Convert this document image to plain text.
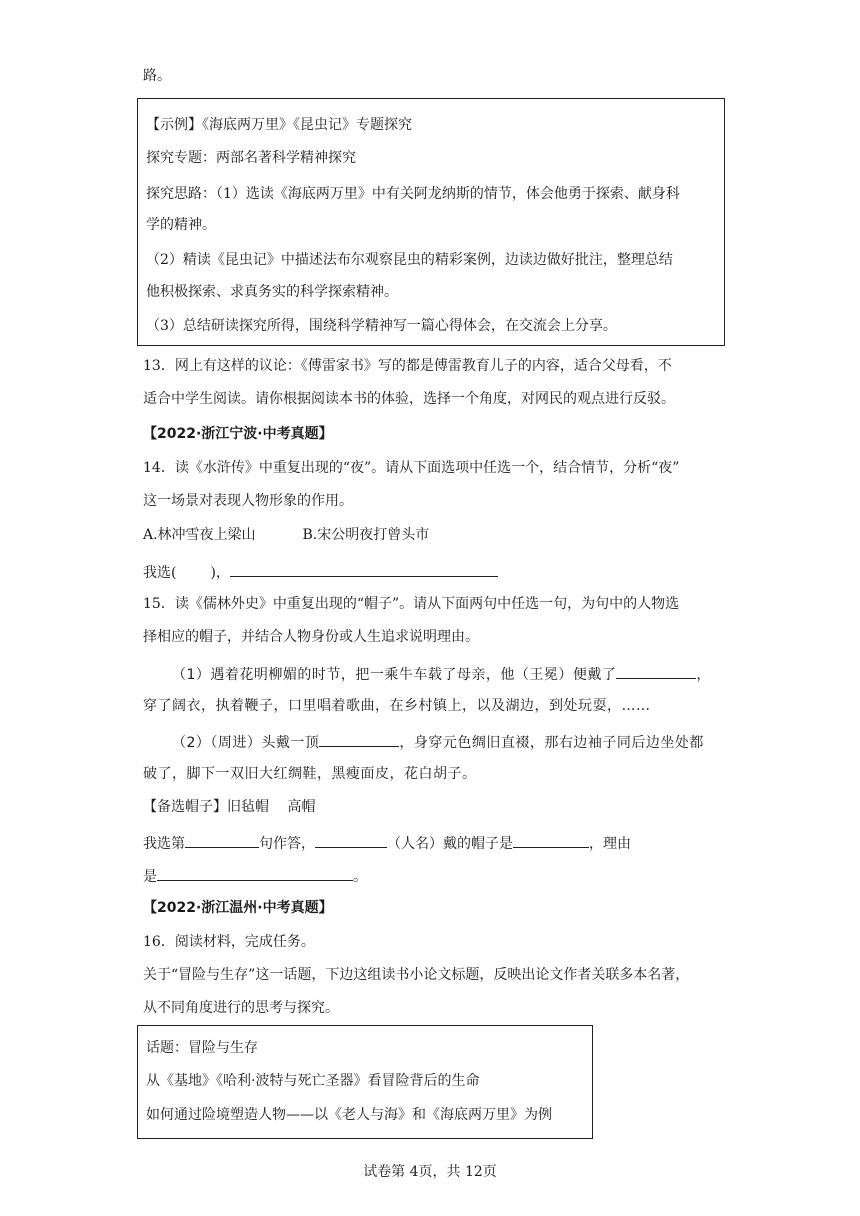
路。
【示例】《海底两万里》《昆虫记》专题探究
探究专题：两部名著科学精神探究
探究思路：（1）选读《海底两万里》中有关阿龙纳斯的情节，体会他勇于探索、献身科
学的精神。
（2）精读《昆虫记》中描述法布尔观察昆虫的精彩案例，边读边做好批注，整理总结
他积极探索、求真务实的科学探索精神。
（3）总结研读探究所得，围绕科学精神写一篇心得体会，在交流会上分享。
13．网上有这样的议论：《傅雷家书》写的都是傅雷教育儿子的内容，适合父母看，不
适合中学生阅读。请你根据阅读本书的体验，选择一个角度，对网民的观点进行反驳。
【2022·浙江宁波·中考真题】
14．读《水浒传》中重复出现的“夜”。请从下面选项中任选一个，结合情节，分析“夜”
这一场景对表现人物形象的作用。
A.林冲雪夜上梁山	B.宋公明夜打曾头市
我选( )，
15．读《儒林外史》中重复出现的“帽子”。请从下面两句中任选一句，为句中的人物选
择相应的帽子，并结合人物身份或人生追求说明理由。
（1）遇着花明柳媚的时节，把一乘牛车载了母亲，他（王冕）便戴了	，
穿了阔衣，执着鞭子，口里唱着歌曲，在乡村镇上，以及湖边，到处玩耍，……
（2）（周进）头戴一顶	，身穿元色绸旧直裰，那右边袖子同后边坐处都
破了，脚下一双旧大红绸鞋，黑瘦面皮，花白胡子。
【备选帽子】旧毡帽　 高帽
我选第	句作答，	（人名）戴的帽子是	，理由
是	。
【2022·浙江温州·中考真题】
16．阅读材料，完成任务。
关于“冒险与生存”这一话题，下边这组读书小论文标题，反映出论文作者关联多本名著，
从不同角度进行的思考与探究。
话题：冒险与生存
从《基地》《哈利·波特与死亡圣器》看冒险背后的生命
如何通过险境塑造人物——以《老人与海》和《海底两万里》为例
试卷第 4页，共 12页
